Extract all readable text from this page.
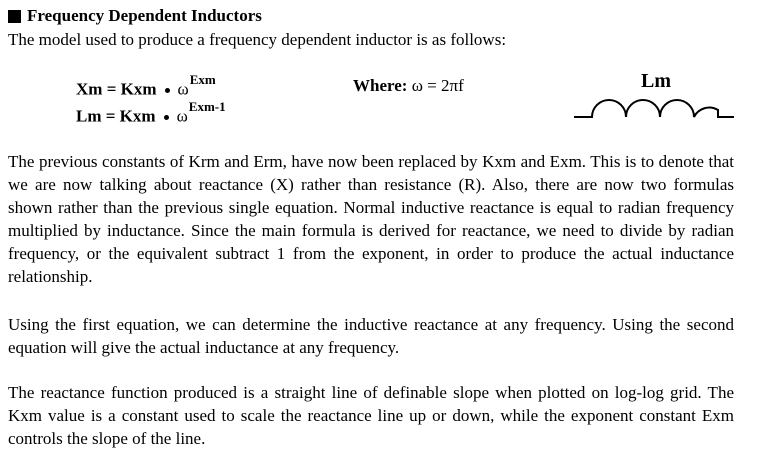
Frequency Dependent Inductors
The model used to produce a frequency dependent inductor is as follows:
Xm = Kxm $\omega^{Exm}$
Lm = Kxm $\omega^{Exm-1}$
Where: ω = 2πf	Lm

The previous constants of Krm and Erm, have now been replaced by Kxm and Exm. This is to denote that we are now talking about reactance (X) rather than resistance (R). Also, there are now two formulas shown rather than the previous single equation. Normal inductive reactance is equal to radian frequency multiplied by inductance. Since the main formula is derived for reactance, we need to divide by radian frequency, or the equivalent subtract 1 from the exponent, in order to produce the actual inductance relationship.

Using the first equation, we can determine the inductive reactance at any frequency. Using the second equation will give the actual inductance at any frequency.

The reactance function produced is a straight line of definable slope when plotted on log-log grid. The Kxm value is a constant used to scale the reactance line up or down, while the exponent constant Exm controls the slope of the line.
